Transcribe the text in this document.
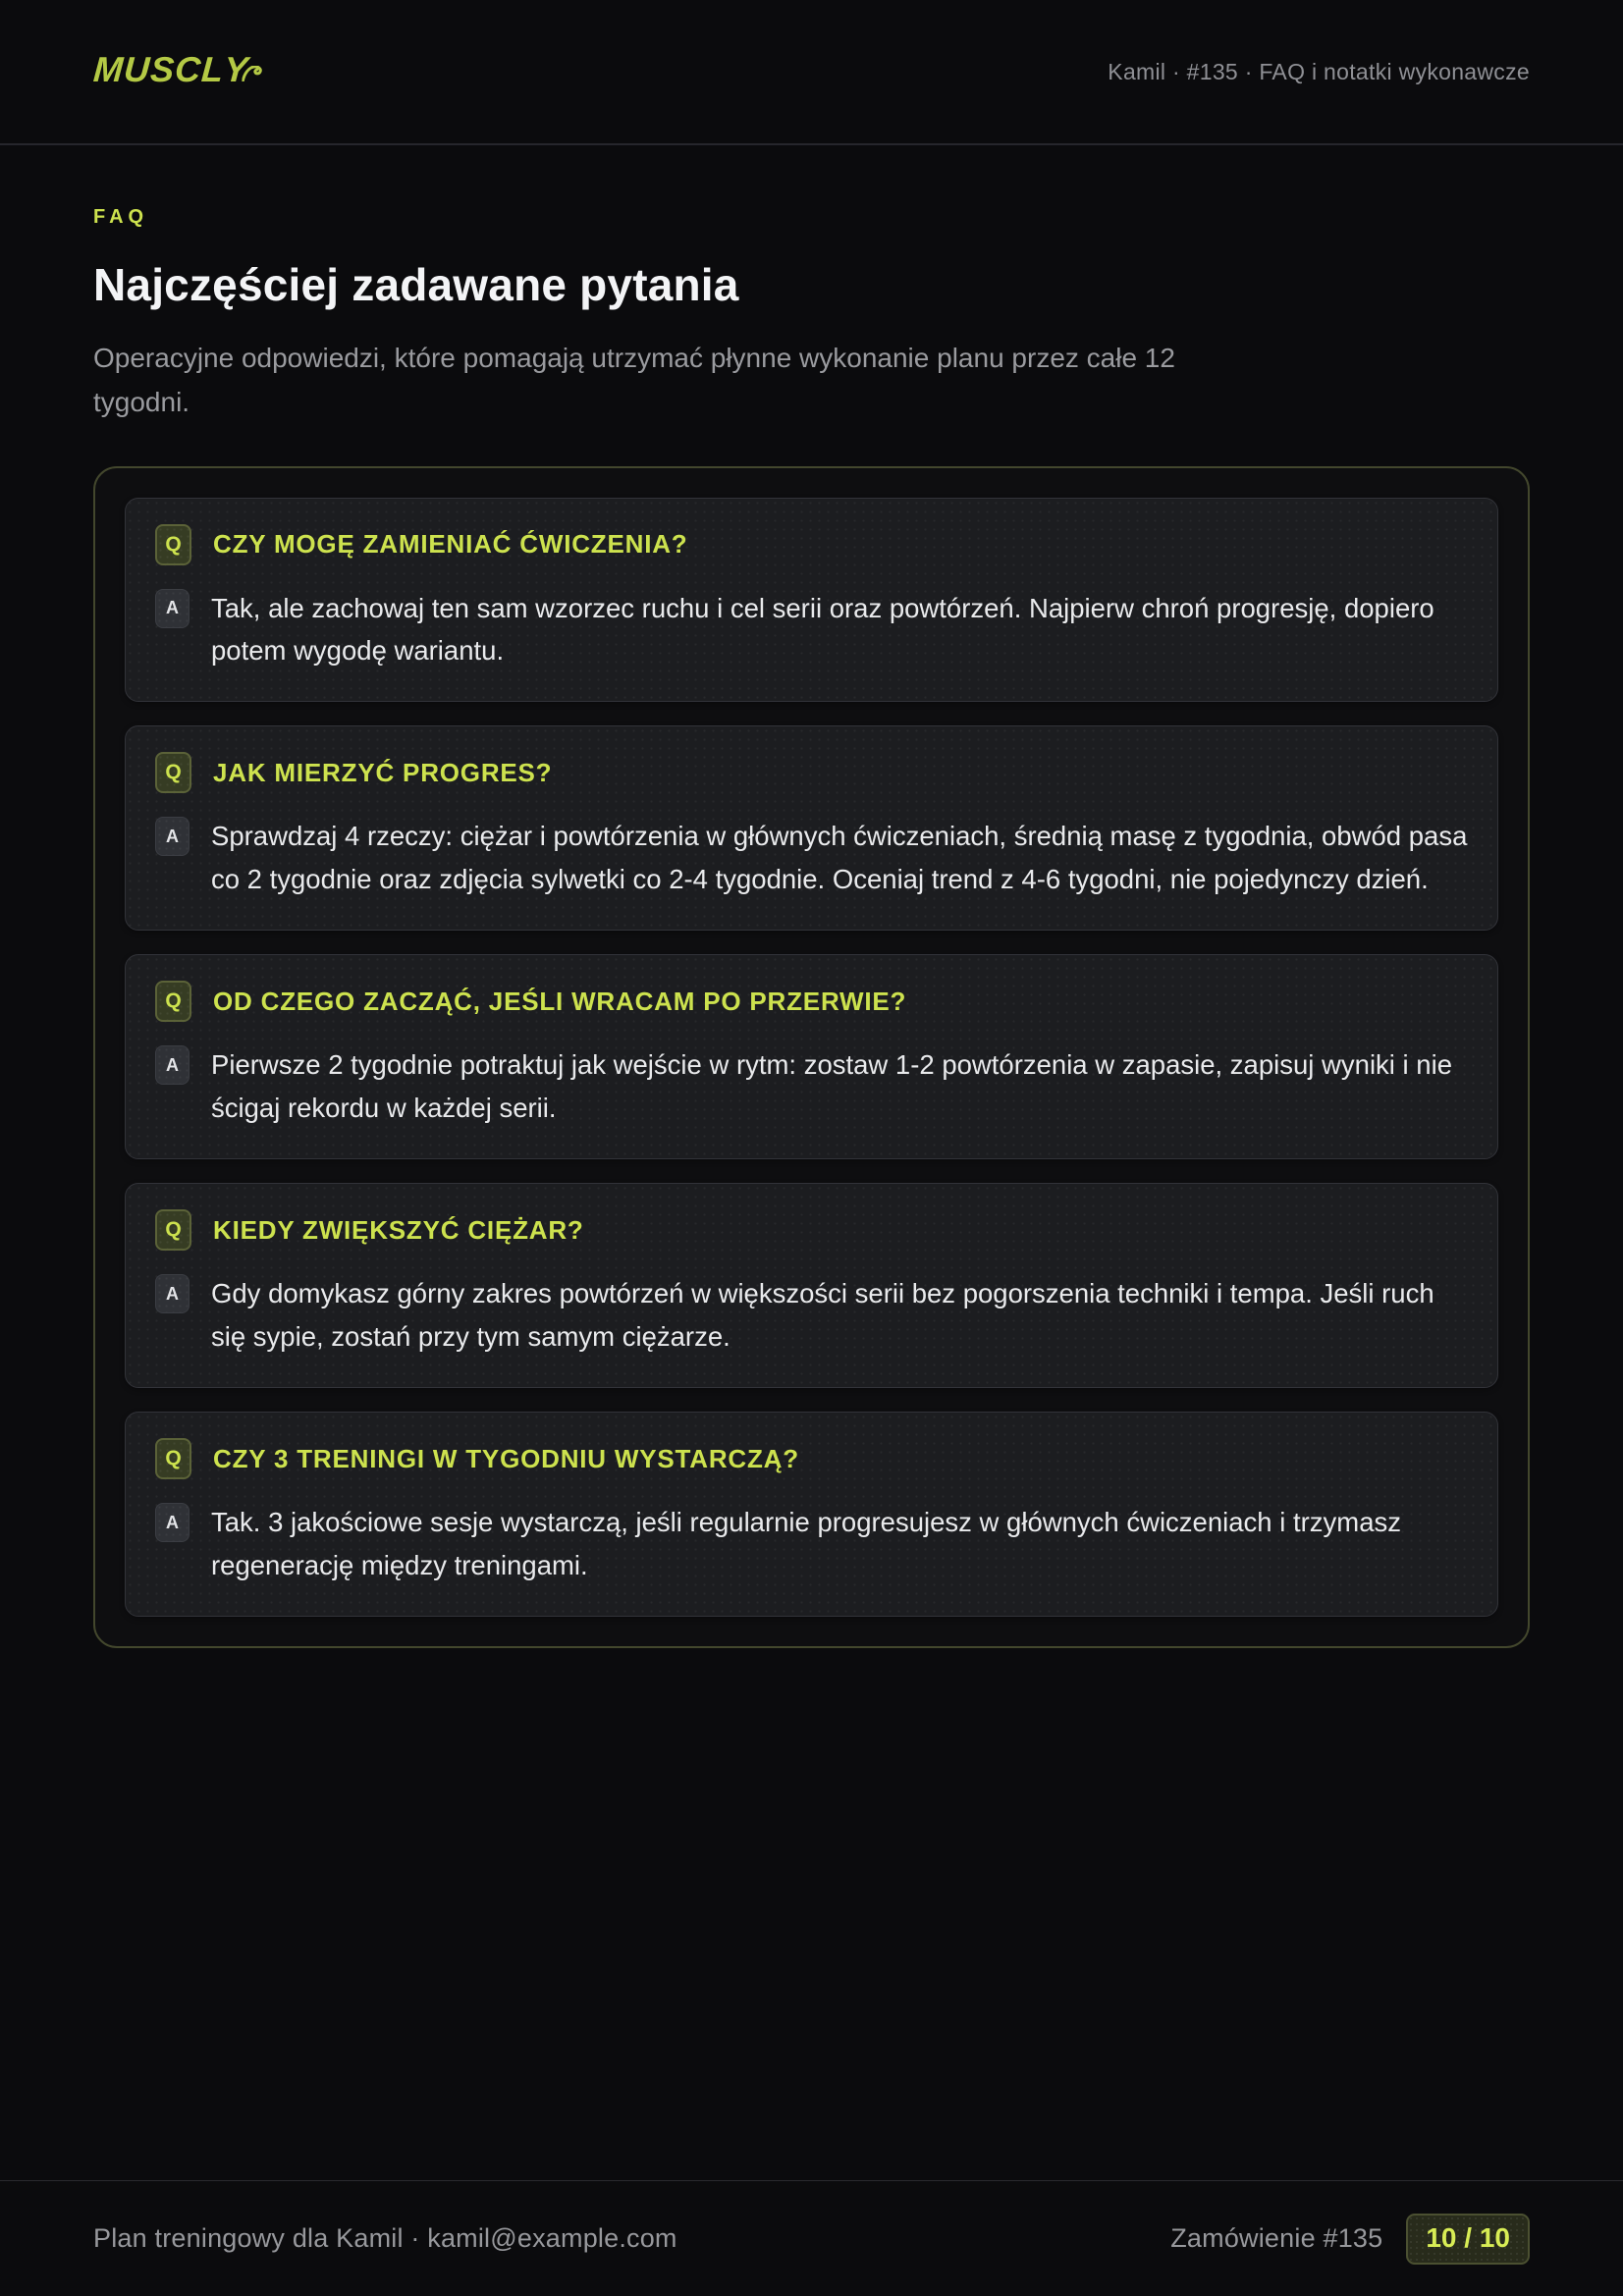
MUSCL
Y	Kamil · #135 · FAQ i notatki wykonawcze
FAQ
Najczęściej zadawane pytania
Operacyjne odpowiedzi, które pomagają utrzymać płynne wykonanie planu przez całe 12 tygodni.
Q	CZY MOGĘ ZAMIENIAĆ ĆWICZENIA?
A	Tak, ale zachowaj ten sam wzorzec ruchu i cel serii oraz powtórzeń. Najpierw chroń progresję, dopiero potem wygodę wariantu.
Q	JAK MIERZYĆ PROGRES?
A	Sprawdzaj 4 rzeczy: ciężar i powtórzenia w głównych ćwiczeniach, średnią masę z tygodnia, obwód pasa co 2 tygodnie oraz zdjęcia sylwetki co 2-4 tygodnie. Oceniaj trend z 4-6 tygodni, nie pojedynczy dzień.
Q	OD CZEGO ZACZĄĆ, JEŚLI WRACAM PO PRZERWIE?
A	Pierwsze 2 tygodnie potraktuj jak wejście w rytm: zostaw 1-2 powtórzenia w zapasie, zapisuj wyniki i nie ścigaj rekordu w każdej serii.
Q	KIEDY ZWIĘKSZYĆ CIĘŻAR?
A	Gdy domykasz górny zakres powtórzeń w większości serii bez pogorszenia techniki i tempa. Jeśli ruch się sypie, zostań przy tym samym ciężarze.
Q	CZY 3 TRENINGI W TYGODNIU WYSTARCZĄ?
A	Tak. 3 jakościowe sesje wystarczą, jeśli regularnie progresujesz w głównych ćwiczeniach i trzymasz regenerację między treningami.
Plan treningowy dla Kamil · kamil@example.com	Zamówienie #135	10 / 10
